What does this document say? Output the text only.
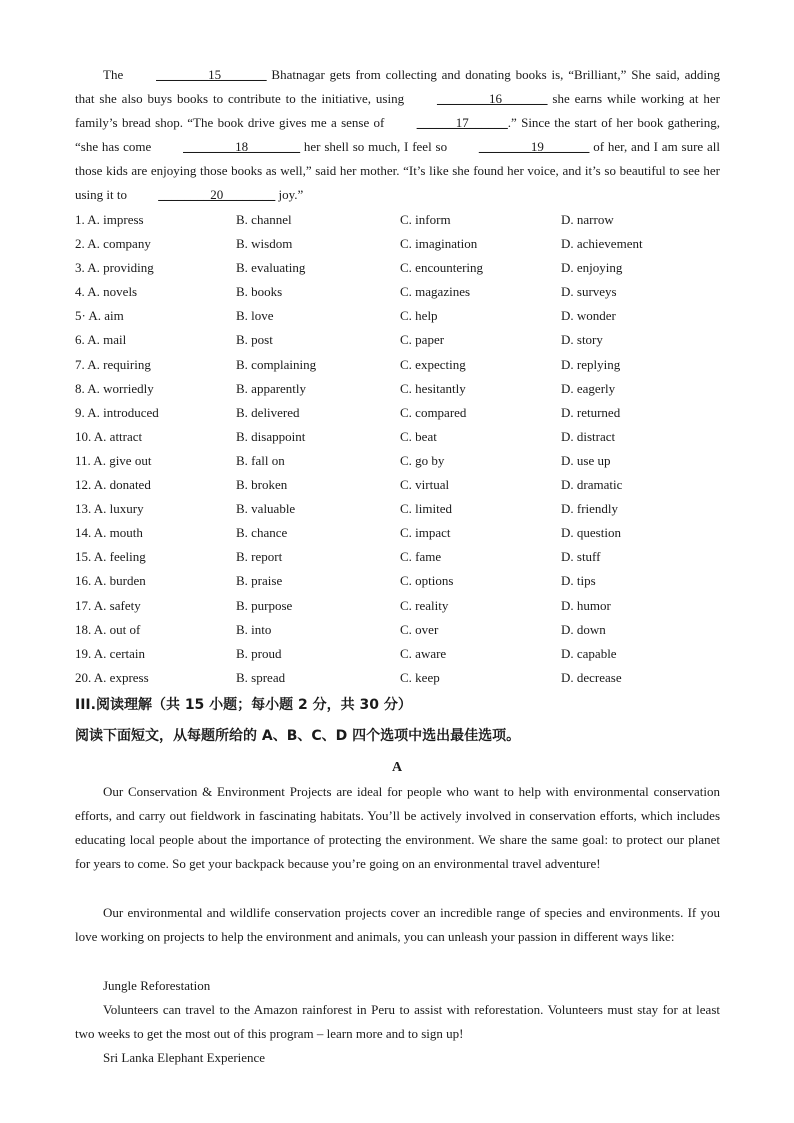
The ________15_______ Bhatnagar gets from collecting and donating books is, “Brilliant,” She said, adding that she also buys books to contribute to the initiative, using ________16_______ she earns while working at her family’s bread shop. “The book drive gives me a sense of ______17______.” Since the start of her book gathering, “she has come ________18________ her shell so much, I feel so ________19_______ of her, and I am sure all those kids are enjoying those books as well,” said her mother. “It’s like she found her voice, and it’s so beautiful to see her using it to ________20________ joy.”
1. A. impress	B. channel	C. inform	D. narrow
2. A. company	B. wisdom	C. imagination	D. achievement
3. A. providing	B. evaluating	C. encountering	D. enjoying
4. A. novels	B. books	C. magazines	D. surveys
5· A. aim	B. love	C. help	D. wonder
6. A. mail	B. post	C. paper	D. story
7. A. requiring	B. complaining	C. expecting	D. replying
8. A. worriedly	B. apparently	C. hesitantly	D. eagerly
9. A. introduced	B. delivered	C. compared	D. returned
10. A. attract	B. disappoint	C. beat	D. distract
11. A. give out	B. fall on	C. go by	D. use up
12. A. donated	B. broken	C. virtual	D. dramatic
13. A. luxury	B. valuable	C. limited	D. friendly
14. A. mouth	B. chance	C. impact	D. question
15. A. feeling	B. report	C. fame	D. stuff
16. A. burden	B. praise	C. options	D. tips
17. A. safety	B. purpose	C. reality	D. humor
18. A. out of	B. into	C. over	D. down
19. A. certain	B. proud	C. aware	D. capable
20. A. express	B. spread	C. keep	D. decrease
III.阅读理解（共 15 小题；每小题 2 分，共 30 分）
阅读下面短文，从每题所给的 A、B、C、D 四个选项中选出最佳选项。
A
Our Conservation & Environment Projects are ideal for people who want to help with environmental conservation efforts, and carry out fieldwork in fascinating habitats. You’ll be actively involved in conservation efforts, which includes educating local people about the importance of protecting the environment. We share the same goal: to protect our planet for years to come. So get your backpack because you’re going on an environmental travel adventure!
Our environmental and wildlife conservation projects cover an incredible range of species and environments. If you love working on projects to help the environment and animals, you can unleash your passion in different ways like:
Jungle Reforestation
Volunteers can travel to the Amazon rainforest in Peru to assist with reforestation. Volunteers must stay for at least two weeks to get the most out of this program – learn more and to sign up!
Sri Lanka Elephant Experience
